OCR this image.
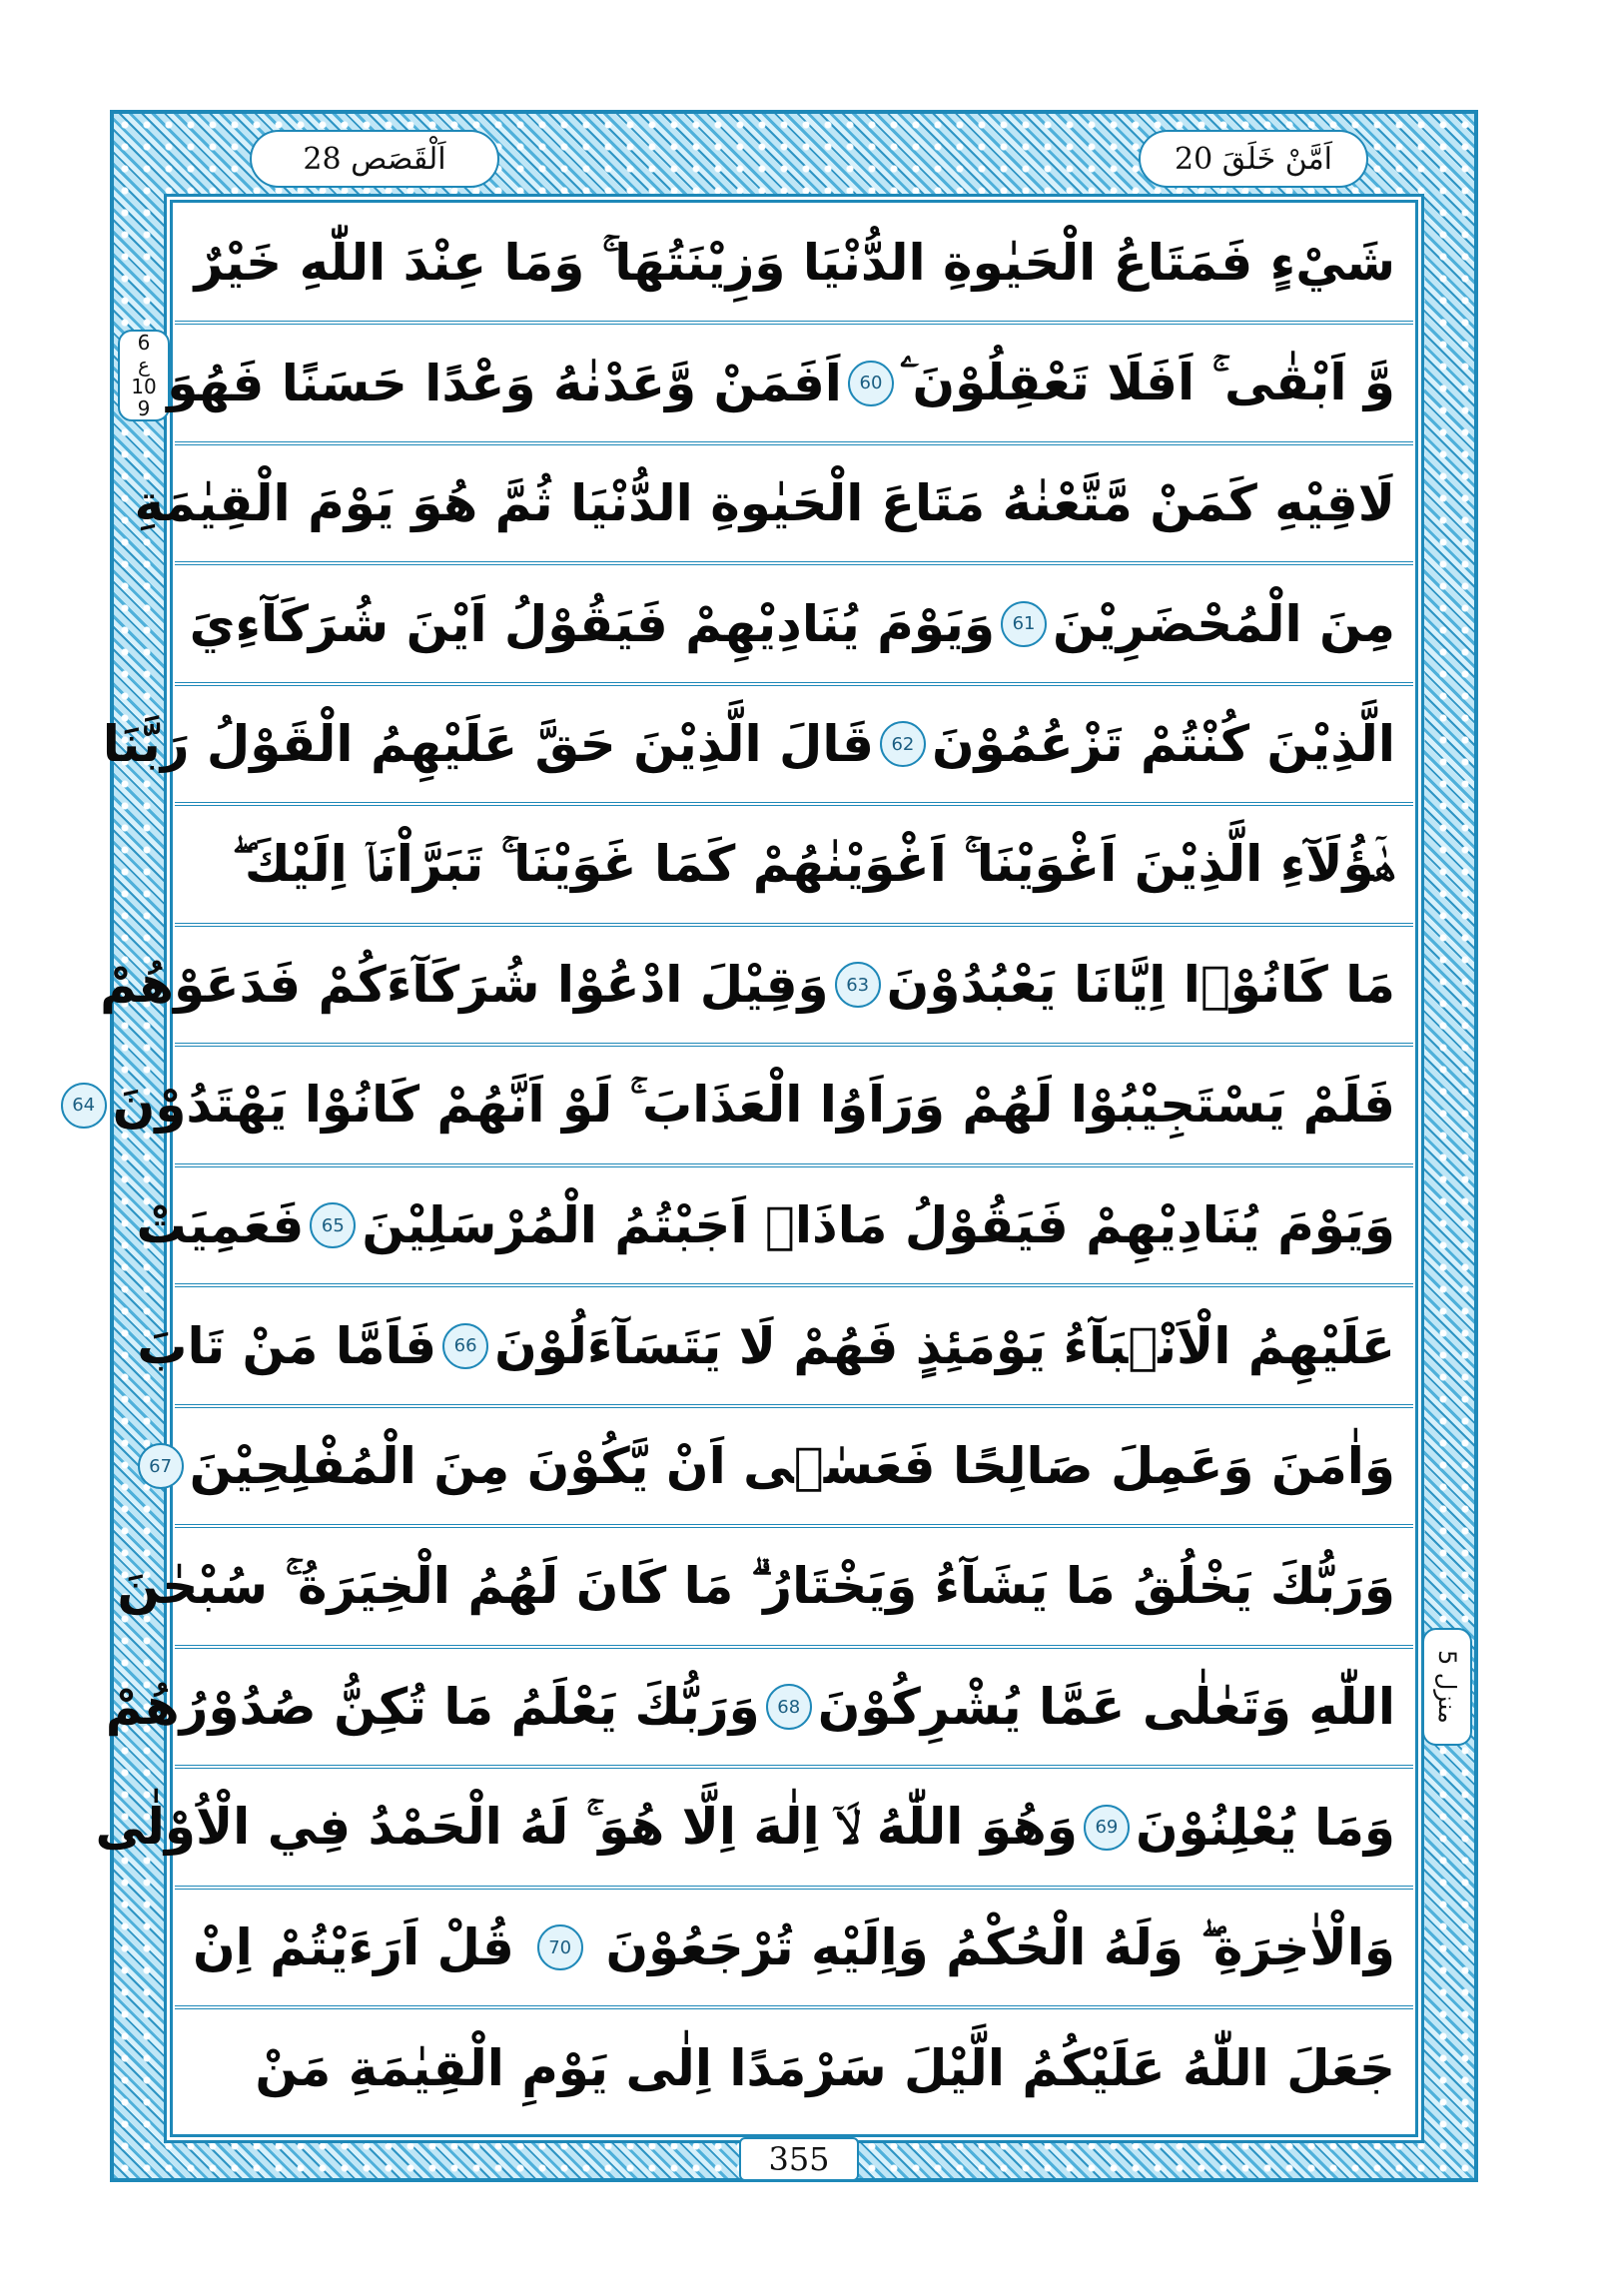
اَلْقَصَص 28	اَمَّنْ خَلَقَ 20
6
ع
10
9
منزل 5
شَيْءٍ فَمَتَاعُ الْحَيٰوةِ الدُّنْيَا وَزِيْنَتُهَا ۚ وَمَا عِنْدَ اللّٰهِ خَيْرٌ
وَّ اَبْقٰى ۚ اَفَلَا تَعْقِلُوْنَ ۧ
60
اَفَمَنْ وَّعَدْنٰهُ وَعْدًا حَسَنًا فَهُوَ
لَاقِيْهِ كَمَنْ مَّتَّعْنٰهُ مَتَاعَ الْحَيٰوةِ الدُّنْيَا ثُمَّ هُوَ يَوْمَ الْقِيٰمَةِ
مِنَ الْمُحْضَرِيْنَ
61
وَيَوْمَ يُنَادِيْهِمْ فَيَقُوْلُ اَيْنَ شُرَكَآءِيَ
الَّذِيْنَ كُنْتُمْ تَزْعُمُوْنَ
62
قَالَ الَّذِيْنَ حَقَّ عَلَيْهِمُ الْقَوْلُ رَبَّنَا
هٰۤؤُلَآءِ الَّذِيْنَ اَغْوَيْنَا ۚ اَغْوَيْنٰهُمْ كَمَا غَوَيْنَا ۚ تَبَرَّاْنَاۤ اِلَيْكَ ۖ
مَا كَانُوْۤا اِيَّانَا يَعْبُدُوْنَ
63
وَقِيْلَ ادْعُوْا شُرَكَآءَكُمْ فَدَعَوْهُمْ
فَلَمْ يَسْتَجِيْبُوْا لَهُمْ وَرَاَوُا الْعَذَابَ ۚ لَوْ اَنَّهُمْ كَانُوْا يَهْتَدُوْنَ
64
وَيَوْمَ يُنَادِيْهِمْ فَيَقُوْلُ مَاذَاۤ اَجَبْتُمُ الْمُرْسَلِيْنَ
65
فَعَمِيَتْ
عَلَيْهِمُ الْاَنْۢبَآءُ يَوْمَئِذٍ فَهُمْ لَا يَتَسَآءَلُوْنَ
66
فَاَمَّا مَنْ تَابَ
وَاٰمَنَ وَعَمِلَ صَالِحًا فَعَسٰۤى اَنْ يَّكُوْنَ مِنَ الْمُفْلِحِيْنَ
67
وَرَبُّكَ يَخْلُقُ مَا يَشَآءُ وَيَخْتَارُ ۗ مَا كَانَ لَهُمُ الْخِيَرَةُ ۚ سُبْحٰنَ
اللّٰهِ وَتَعٰلٰى عَمَّا يُشْرِكُوْنَ
68
وَرَبُّكَ يَعْلَمُ مَا تُكِنُّ صُدُوْرُهُمْ
وَمَا يُعْلِنُوْنَ
69
وَهُوَ اللّٰهُ لَاۤ اِلٰهَ اِلَّا هُوَ ۚ لَهُ الْحَمْدُ فِي الْاُوْلٰى
وَالْاٰخِرَةِ ۖ وَلَهُ الْحُكْمُ وَاِلَيْهِ تُرْجَعُوْنَ
70
قُلْ اَرَءَيْتُمْ اِنْ
جَعَلَ اللّٰهُ عَلَيْكُمُ الَّيْلَ سَرْمَدًا اِلٰى يَوْمِ الْقِيٰمَةِ مَنْ
355
